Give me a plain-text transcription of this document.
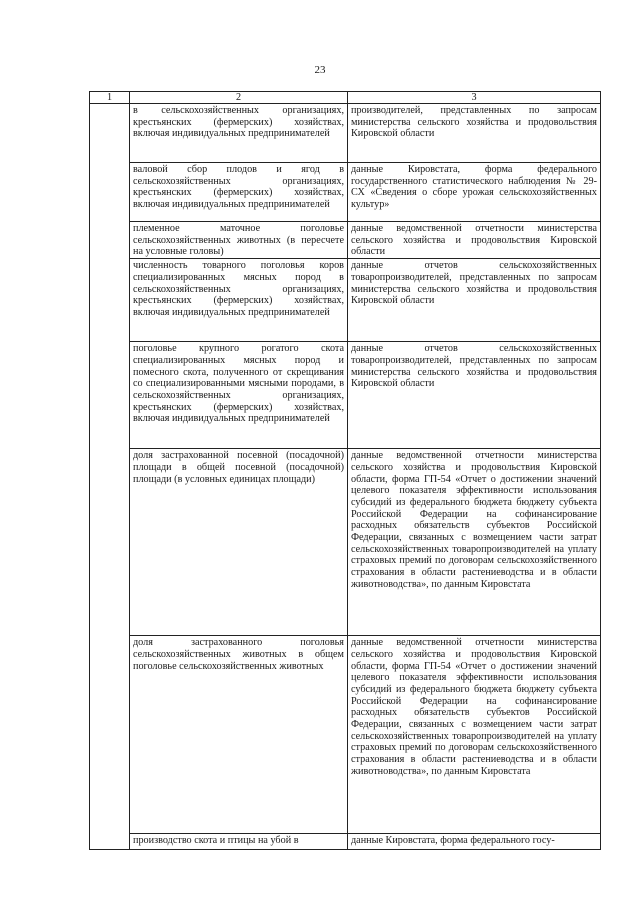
23
1	2	3

	в сельскохозяйственных организациях, крестьянских (фермерских) хозяйствах, включая индивидуальных предпринимателей	производителей, представленных по запросам министерства сельского хозяйства и продовольствия Кировской области

	валовой сбор плодов и ягод в сельскохозяйственных организациях, крестьянских (фермерских) хозяйствах, включая индивидуальных предпринимателей	данные Кировстата, форма федерального государственного статистического наблюдения № 29-СХ «Сведения о сборе урожая сельскохозяйственных культур»

	племенное маточное поголовье сельскохозяйственных животных (в пересчете на условные головы)	данные ведомственной отчетности министерства сельского хозяйства и продовольствия Кировской области

	численность товарного поголовья коров специализированных мясных пород в сельскохозяйственных организациях, крестьянских (фермерских) хозяйствах, включая индивидуальных предпринимателей	данные отчетов сельскохозяйственных товаропроизводителей, представленных по запросам министерства сельского хозяйства и продовольствия Кировской области

	поголовье крупного рогатого скота специализированных мясных пород и помесного скота, полученного от скрещивания со специализированными мясными породами, в сельскохозяйственных организациях, крестьянских (фермерских) хозяйствах, включая индивидуальных предпринимателей	данные отчетов сельскохозяйственных товаропроизводителей, представленных по запросам министерства сельского хозяйства и продовольствия Кировской области

	доля застрахованной посевной (посадочной) площади в общей посевной (посадочной) площади (в условных единицах площади)	данные ведомственной отчетности министерства сельского хозяйства и продовольствия Кировской области, форма ГП-54 «Отчет о достижении значений целевого показателя эффективности использования субсидий из федерального бюджета бюджету субъекта Российской Федерации на софинансирование расходных обязательств субъектов Российской Федерации, связанных с возмещением части затрат сельскохозяйственных товаропроизводителей на уплату страховых премий по договорам сельскохозяйственного страхования в области растениеводства и в области животноводства», по данным Кировстата

	доля застрахованного поголовья сельскохозяйственных животных в общем поголовье сельскохозяйственных животных	данные ведомственной отчетности министерства сельского хозяйства и продовольствия Кировской области, форма ГП-54 «Отчет о достижении значений целевого показателя эффективности использования субсидий из федерального бюджета бюджету субъекта Российской Федерации на софинансирование расходных обязательств субъектов Российской Федерации, связанных с возмещением части затрат сельскохозяйственных товаропроизводителей на уплату страховых премий по договорам сельскохозяйственного страхования в области растениеводства и в области животноводства», по данным Кировстата

	производство скота и птицы на убой в	данные Кировстата, форма федерального госу-
